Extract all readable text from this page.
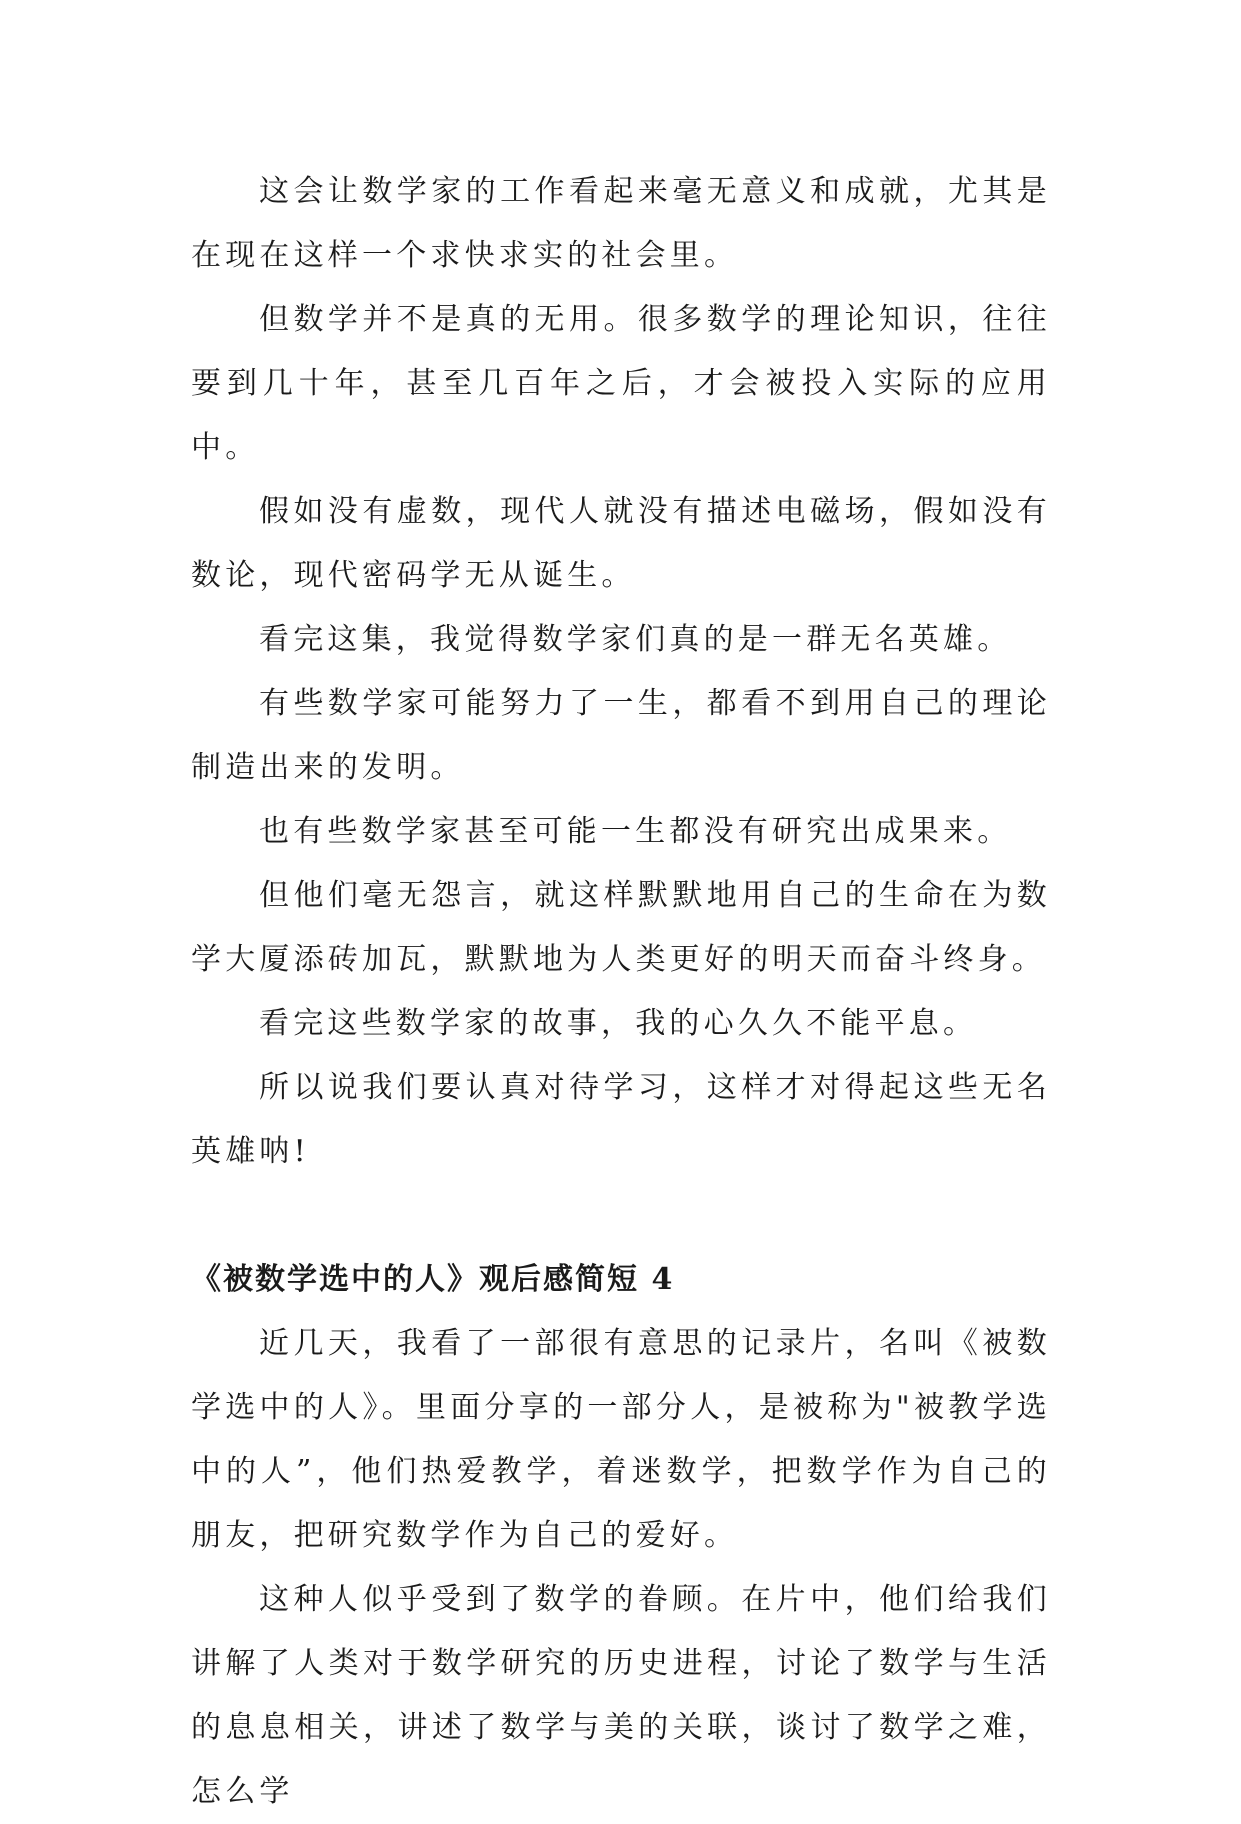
这会让数学家的工作看起来毫无意义和成就，尤其是在现在这样一个求快求实的社会里。

但数学并不是真的无用。很多数学的理论知识，往往要到几十年，甚至几百年之后，才会被投入实际的应用中。

假如没有虚数，现代人就没有描述电磁场，假如没有数论，现代密码学无从诞生。

看完这集，我觉得数学家们真的是一群无名英雄。

有些数学家可能努力了一生，都看不到用自己的理论制造出来的发明。

也有些数学家甚至可能一生都没有研究出成果来。

但他们毫无怨言，就这样默默地用自己的生命在为数学大厦添砖加瓦，默默地为人类更好的明天而奋斗终身。

看完这些数学家的故事，我的心久久不能平息。

所以说我们要认真对待学习，这样才对得起这些无名英雄呐!

《被数学选中的人》观后感简短 4

近几天，我看了一部很有意思的记录片，名叫《被数学选中的人》。里面分享的一部分人，是被称为"被教学选中的人”，他们热爱教学，着迷数学，把数学作为自己的朋友，把研究数学作为自己的爱好。

这种人似乎受到了数学的眷顾。在片中，他们给我们讲解了人类对于数学研究的历史进程，讨论了数学与生活的息息相关，讲述了数学与美的关联，谈讨了数学之难，怎么学
